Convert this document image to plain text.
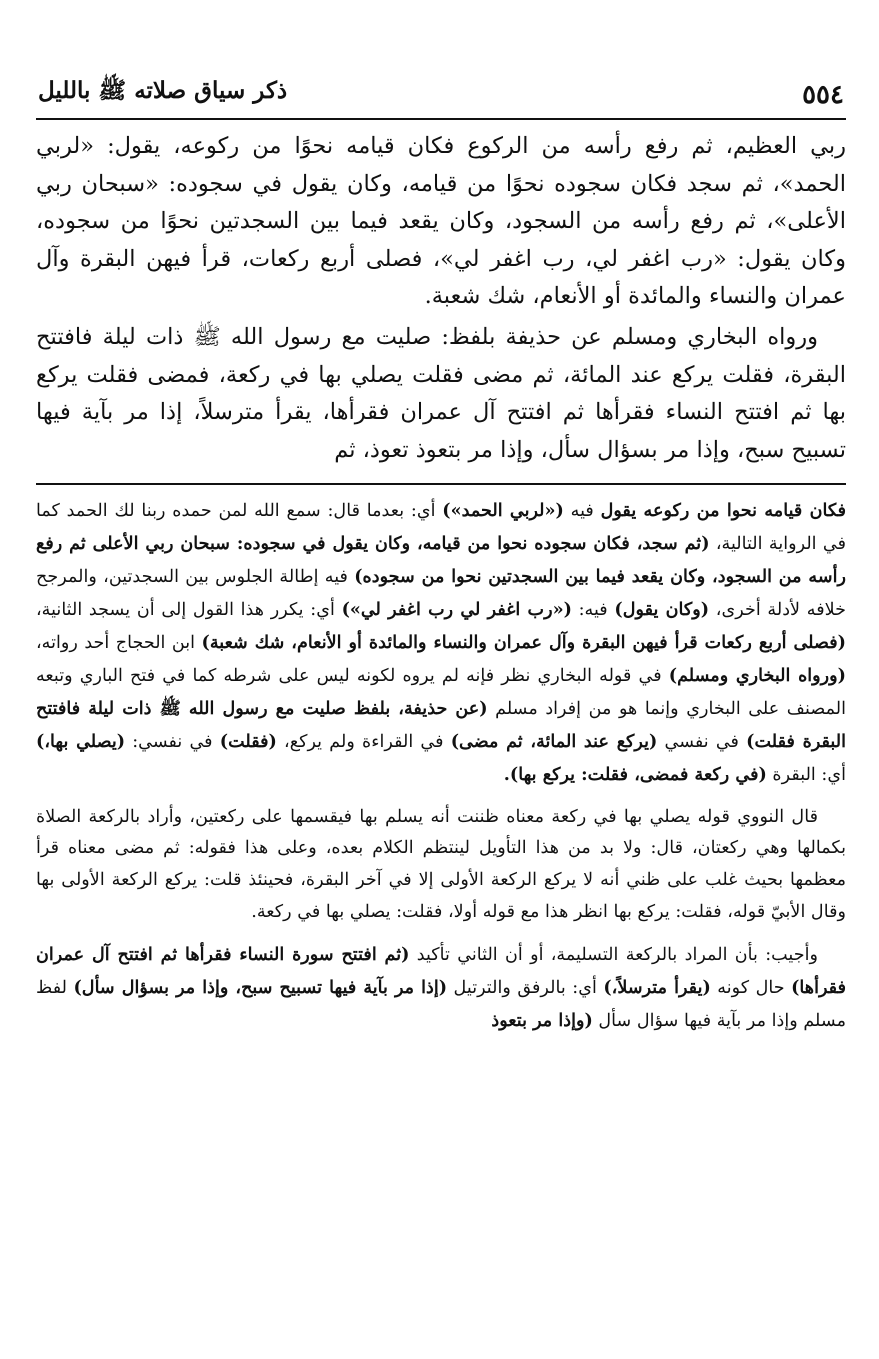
٥٥٤
ذكر سياق صلاته ﷺ بالليل

ربي العظيم، ثم رفع رأسه من الركوع فكان قيامه نحوًا من ركوعه، يقول: «لربي الحمد»، ثم سجد فكان سجوده نحوًا من قيامه، وكان يقول في سجوده: «سبحان ربي الأعلى»، ثم رفع رأسه من السجود، وكان يقعد فيما بين السجدتين نحوًا من سجوده، وكان يقول: «رب اغفر لي، رب اغفر لي»، فصلى أربع ركعات، قرأ فيهن البقرة وآل عمران والنساء والمائدة أو الأنعام، شك شعبة.

ورواه البخاري ومسلم عن حذيفة بلفظ: صليت مع رسول الله ﷺ ذات ليلة فافتتح البقرة، فقلت يركع عند المائة، ثم مضى فقلت يصلي بها في ركعة، فمضى فقلت يركع بها ثم افتتح النساء فقرأها ثم افتتح آل عمران فقرأها، يقرأ مترسلاً، إذا مر بآية فيها تسبيح سبح، وإذا مر بسؤال سأل، وإذا مر بتعوذ تعوذ، ثم

فكان قيامه نحوا من ركوعه يقول فيه («لربي الحمد») أي: بعدما قال: سمع الله لمن حمده ربنا لك الحمد كما في الرواية التالية، (ثم سجد، فكان سجوده نحوا من قيامه، وكان يقول في سجوده: سبحان ربي الأعلى ثم رفع رأسه من السجود، وكان يقعد فيما بين السجدتين نحوا من سجوده) فيه إطالة الجلوس بين السجدتين، والمرجح خلافه لأدلة أخرى، (وكان يقول) فيه: («رب اغفر لي رب اغفر لي») أي: يكرر هذا القول إلى أن يسجد الثانية، (فصلى أربع ركعات قرأ فيهن البقرة وآل عمران والنساء والمائدة أو الأنعام، شك شعبة) ابن الحجاج أحد رواته، (ورواه البخاري ومسلم) في قوله البخاري نظر فإنه لم يروه لكونه ليس على شرطه كما في فتح الباري وتبعه المصنف على البخاري وإنما هو من إفراد مسلم (عن حذيفة، بلفظ صليت مع رسول الله ﷺ ذات ليلة فافتتح البقرة فقلت) في نفسي (يركع عند المائة، ثم مضى) في القراءة ولم يركع، (فقلت) في نفسي: (يصلي بها،) أي: البقرة (في ركعة فمضى، فقلت: يركع بها).

قال النووي قوله يصلي بها في ركعة معناه ظننت أنه يسلم بها فيقسمها على ركعتين، وأراد بالركعة الصلاة بكمالها وهي ركعتان، قال: ولا بد من هذا التأويل لينتظم الكلام بعده، وعلى هذا فقوله: ثم مضى معناه قرأ معظمها بحيث غلب على ظني أنه لا يركع الركعة الأولى إلا في آخر البقرة، فحينئذ قلت: يركع الركعة الأولى بها وقال الأبيّ قوله، فقلت: يركع بها انظر هذا مع قوله أولا، فقلت: يصلي بها في ركعة.

وأجيب: بأن المراد بالركعة التسليمة، أو أن الثاني تأكيد (ثم افتتح سورة النساء فقرأها ثم افتتح آل عمران فقرأها) حال كونه (يقرأ مترسلاً،) أي: بالرفق والترتيل (إذا مر بآية فيها تسبيح سبح، وإذا مر بسؤال سأل) لفظ مسلم وإذا مر بآية فيها سؤال سأل (وإذا مر بتعوذ
